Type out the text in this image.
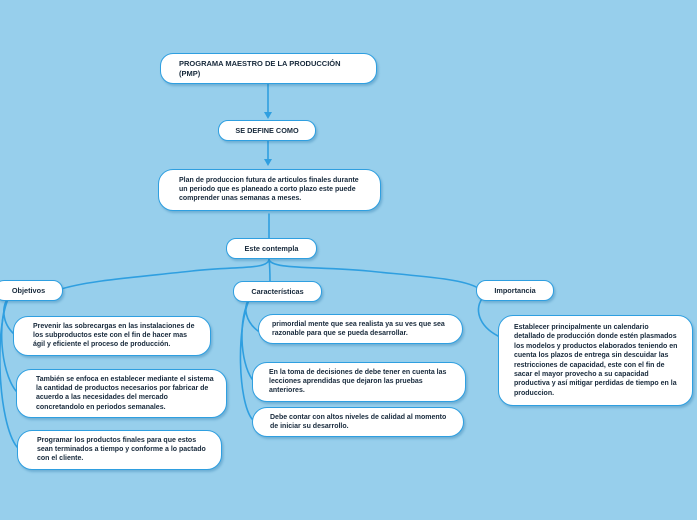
PROGRAMA MAESTRO DE LA PRODUCCIÓN (PMP)
SE DEFINE COMO
Plan de produccion futura de articulos finales durante un periodo que es planeado a corto plazo este puede comprender unas semanas a meses.
Este contempla
Objetivos
Prevenir las sobrecargas en las instalaciones de los subproductos este con el fin de hacer mas ágil y eficiente el proceso de producción.
También se enfoca en establecer mediante el sistema la cantidad de productos necesarios por fabricar de acuerdo a las necesidades del mercado concretandolo en periodos semanales.
Programar los productos finales para que estos sean terminados a tiempo y conforme a lo pactado con el cliente.
Características
primordial mente que sea realista ya su ves que sea razonable para que se pueda desarrollar.
En la toma de decisiones de debe tener en cuenta las lecciones aprendidas que dejaron las pruebas anteriores.
Debe contar con altos niveles de calidad al momento de iniciar su desarrollo.
Importancia
Establecer principalmente un calendario detallado de producción donde estén plasmados los modelos y productos elaborados teniendo en cuenta los plazos de entrega sin descuidar las restricciones de capacidad, este con el fin de sacar el mayor provecho a su capacidad productiva y así mitigar perdidas de tiempo en la produccion.
